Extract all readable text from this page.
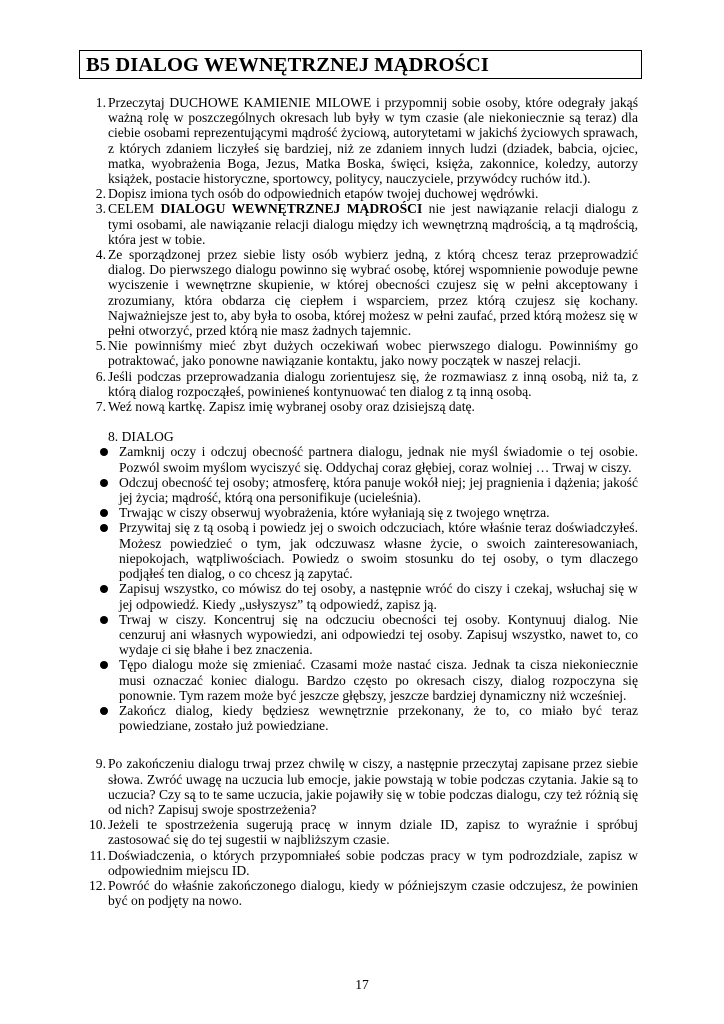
B5 DIALOG WEWNĘTRZNEJ MĄDROŚCI
1. Przeczytaj DUCHOWE KAMIENIE MILOWE i przypomnij sobie osoby, które odegrały jakąś ważną rolę w poszczególnych okresach lub były w tym czasie (ale niekoniecznie są teraz) dla ciebie osobami reprezentującymi mądrość życiową, autorytetami w jakichś życiowych sprawach, z których zdaniem liczyłeś się bardziej, niż ze zdaniem innych ludzi (dziadek, babcia, ojciec, matka, wyobrażenia Boga, Jezus, Matka Boska, święci, księża, zakonnice, koledzy, autorzy książek, postacie historyczne, sportowcy, politycy, nauczyciele, przywódcy ruchów itd.).
2. Dopisz imiona tych osób do odpowiednich etapów twojej duchowej wędrówki.
3. CELEM DIALOGU WEWNĘTRZNEJ MĄDROŚCI nie jest nawiązanie relacji dialogu z tymi osobami, ale nawiązanie relacji dialogu między ich wewnętrzną mądrością, a tą mądrością, która jest w tobie.
4. Ze sporządzonej przez siebie listy osób wybierz jedną, z którą chcesz teraz przeprowadzić dialog. Do pierwszego dialogu powinno się wybrać osobę, której wspomnienie powoduje pewne wyciszenie i wewnętrzne skupienie, w której obecności czujesz się w pełni akceptowany i zrozumiany, która obdarza cię ciepłem i wsparciem, przez którą czujesz się kochany. Najważniejsze jest to, aby była to osoba, której możesz w pełni zaufać, przed którą możesz się w pełni otworzyć, przed którą nie masz żadnych tajemnic.
5. Nie powinniśmy mieć zbyt dużych oczekiwań wobec pierwszego dialogu. Powinniśmy go potraktować, jako ponowne nawiązanie kontaktu, jako nowy początek w naszej relacji.
6. Jeśli podczas przeprowadzania dialogu zorientujesz się, że rozmawiasz z inną osobą, niż ta, z którą dialog rozpocząłeś, powinieneś kontynuować ten dialog z tą inną osobą.
7. Weź nową kartkę. Zapisz imię wybranej osoby oraz dzisiejszą datę.
8. DIALOG
Zamknij oczy i odczuj obecność partnera dialogu, jednak nie myśl świadomie o tej osobie. Pozwól swoim myślom wyciszyć się. Oddychaj coraz głębiej, coraz wolniej … Trwaj w ciszy.
Odczuj obecność tej osoby; atmosferę, która panuje wokół niej; jej pragnienia i dążenia; jakość jej życia; mądrość, którą ona personifikuje (ucieleśnia).
Trwając w ciszy obserwuj wyobrażenia, które wyłaniają się z twojego wnętrza.
Przywitaj się z tą osobą i powiedz jej o swoich odczuciach, które właśnie teraz doświadczyłeś. Możesz powiedzieć o tym, jak odczuwasz własne życie, o swoich zainteresowaniach, niepokojach, wątpliwościach. Powiedz o swoim stosunku do tej osoby, o tym dlaczego podjąłeś ten dialog, o co chcesz ją zapytać.
Zapisuj wszystko, co mówisz do tej osoby, a następnie wróć do ciszy i czekaj, wsłuchaj się w jej odpowiedź. Kiedy „usłyszysz” tą odpowiedź, zapisz ją.
Trwaj w ciszy. Koncentruj się na odczuciu obecności tej osoby. Kontynuuj dialog. Nie cenzuruj ani własnych wypowiedzi, ani odpowiedzi tej osoby. Zapisuj wszystko, nawet to, co wydaje ci się błahe i bez znaczenia.
Tępo dialogu może się zmieniać. Czasami może nastać cisza. Jednak ta cisza niekoniecznie musi oznaczać koniec dialogu. Bardzo często po okresach ciszy, dialog rozpoczyna się ponownie. Tym razem może być jeszcze głębszy, jeszcze bardziej dynamiczny niż wcześniej.
Zakończ dialog, kiedy będziesz wewnętrznie przekonany, że to, co miało być teraz powiedziane, zostało już powiedziane.
9. Po zakończeniu dialogu trwaj przez chwilę w ciszy, a następnie przeczytaj zapisane przez siebie słowa. Zwróć uwagę na uczucia lub emocje, jakie powstają w tobie podczas czytania. Jakie są to uczucia? Czy są to te same uczucia, jakie pojawiły się w tobie podczas dialogu, czy też różnią się od nich? Zapisuj swoje spostrzeżenia?
10. Jeżeli te spostrzeżenia sugerują pracę w innym dziale ID, zapisz to wyraźnie i spróbuj zastosować się do tej sugestii w najbliższym czasie.
11. Doświadczenia, o których przypomniałeś sobie podczas pracy w tym podrozdziale, zapisz w odpowiednim miejscu ID.
12. Powróć do właśnie zakończonego dialogu, kiedy w późniejszym czasie odczujesz, że powinien być on podjęty na nowo.
17
